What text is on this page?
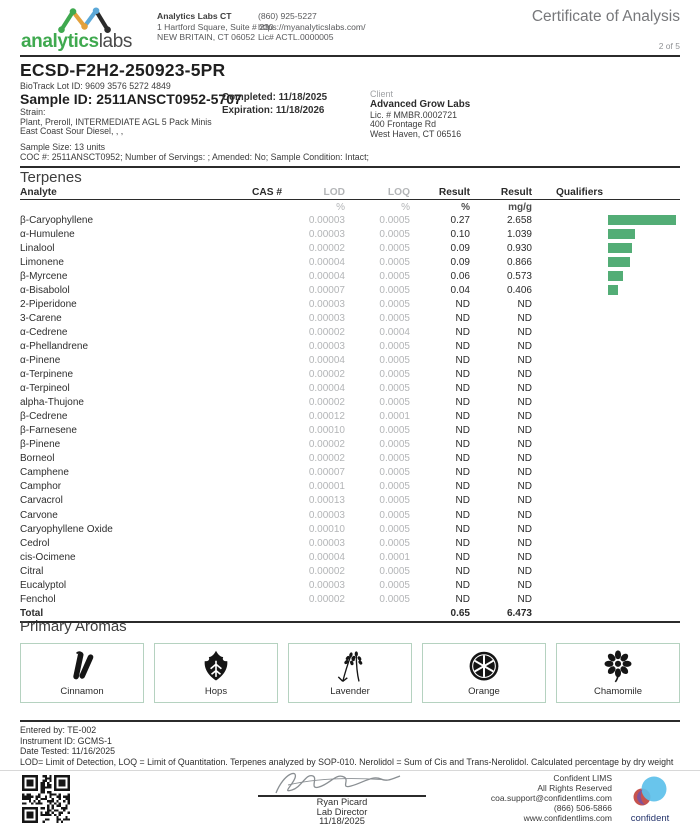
analyticslabs
Analytics Labs CT
1 Hartford Square, Suite # 230
NEW BRITAIN, CT 06052
(860) 925-5227
https://myanalyticslabs.com/
Lic# ACTL.0000005
Certificate of Analysis
2 of 5
ECSD-F2H2-250923-5PR
BioTrack Lot ID: 9609 3576 5272 4849
Sample ID: 2511ANSCT0952-5707
Completed: 11/18/2025
Expiration: 11/18/2026
Strain:
Plant, Preroll, INTERMEDIATE AGL 5 Pack Minis
East Coast Sour Diesel, , ,
Sample Size: 13 units
COC #: 2511ANSCT0952; Number of Servings: ; Amended: No; Sample Condition: Intact;
Client
Advanced Grow Labs
Lic. # MMBR.0002721
400 Frontage Rd
West Haven, CT 06516
Terpenes
Analyte	CAS #	LOD	LOQ	Result	Result	Qualifiers
%	%	%	mg/g
β-Caryophyllene	0.00003	0.0005	0.27	2.658
α-Humulene	0.00003	0.0005	0.10	1.039
Linalool	0.00002	0.0005	0.09	0.930
Limonene	0.00004	0.0005	0.09	0.866
β-Myrcene	0.00004	0.0005	0.06	0.573
α-Bisabolol	0.00007	0.0005	0.04	0.406
2-Piperidone	0.00003	0.0005	ND	ND
3-Carene	0.00003	0.0005	ND	ND
α-Cedrene	0.00002	0.0004	ND	ND
α-Phellandrene	0.00003	0.0005	ND	ND
α-Pinene	0.00004	0.0005	ND	ND
α-Terpinene	0.00002	0.0005	ND	ND
α-Terpineol	0.00004	0.0005	ND	ND
alpha-Thujone	0.00002	0.0005	ND	ND
β-Cedrene	0.00012	0.0001	ND	ND
β-Farnesene	0.00010	0.0005	ND	ND
β-Pinene	0.00002	0.0005	ND	ND
Borneol	0.00002	0.0005	ND	ND
Camphene	0.00007	0.0005	ND	ND
Camphor	0.00001	0.0005	ND	ND
Carvacrol	0.00013	0.0005	ND	ND
Carvone	0.00003	0.0005	ND	ND
Caryophyllene Oxide	0.00010	0.0005	ND	ND
Cedrol	0.00003	0.0005	ND	ND
cis-Ocimene	0.00004	0.0001	ND	ND
Citral	0.00002	0.0005	ND	ND
Eucalyptol	0.00003	0.0005	ND	ND
Fenchol	0.00002	0.0005	ND	ND
Total	0.65	6.473
Primary Aromas
Cinnamon	Hops	Lavender	Orange	Chamomile
Entered by: TE-002
Instrument ID: GCMS-1
Date Tested: 11/16/2025
LOD= Limit of Detection, LOQ = Limit of Quantitation. Terpenes analyzed by SOP-010. Nerolidol = Sum of Cis and Trans-Nerolidol. Calculated percentage by dry weight
Ryan Picard
Lab Director
11/18/2025
Confident LIMS
All Rights Reserved
coa.support@confidentlims.com
(866) 506-5866
www.confidentlims.com	confident
